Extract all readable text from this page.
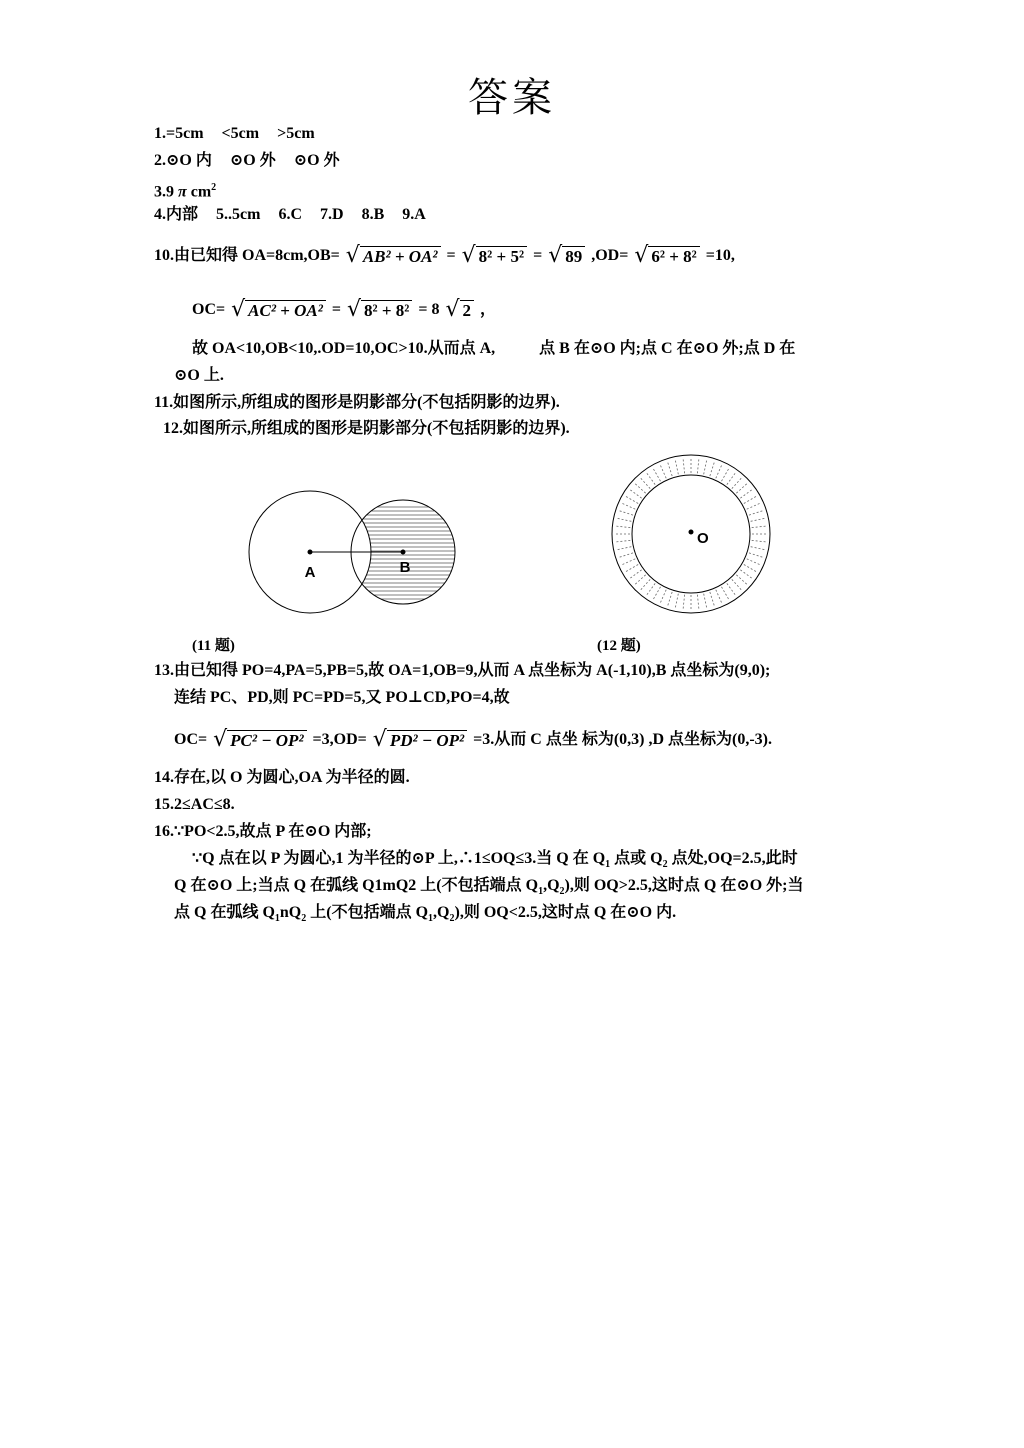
答案
1.=5cm <5cm >5cm
2.⊙O 内 ⊙O 外 ⊙O 外
3.9 π $cm^2$
4.内部 5..5cm 6.C 7.D 8.B 9.A
10.由已知得 OA=8cm,OB= √ AB² + OA² = √ 8² + 5² = √ 89 ,OD= √ 6² + 8² =10,
OC= √ AC² + OA² = √ 8² + 8² = 8 √ 2 ，
故 OA<10,OB<10,.OD=10,OC>10.从而点 A,	点 B 在⊙O 内;点 C 在⊙O 外;点 D 在
⊙O 上.
11.如图所示,所组成的图形是阴影部分(不包括阴影的边界).
12.如图所示,所组成的图形是阴影部分(不包括阴影的边界).
A	B
(11 题)
O
(12 题)
13.由已知得 PO=4,PA=5,PB=5,故 OA=1,OB=9,从而 A 点坐标为 A(-1,10),B 点坐标为(9,0);
连结 PC、PD,则 PC=PD=5,又 PO⊥CD,PO=4,故
OC= √ PC² − OP² =3,OD= √ PD² − OP² =3.从而 C 点坐 标为(0,3) ,D 点坐标为(0,-3).
14.存在,以 O 为圆心,OA 为半径的圆.
15.2≤AC≤8.
16.∵PO<2.5,故点 P 在⊙O 内部;
∵Q 点在以 P 为圆心,1 为半径的⊙P 上,∴1≤OQ≤3.当 Q 在 $Q_1$ 点或 $Q_2$ 点处,OQ=2.5,此时
Q 在⊙O 上;当点 Q 在弧线 Q1mQ2 上(不包括端点 $Q_1,Q_2$),则 OQ>2.5,这时点 Q 在⊙O 外;当
点 Q 在弧线 $Q_1nQ_2$ 上(不包括端点 $Q_1,Q_2$),则 OQ<2.5,这时点 Q 在⊙O 内.
